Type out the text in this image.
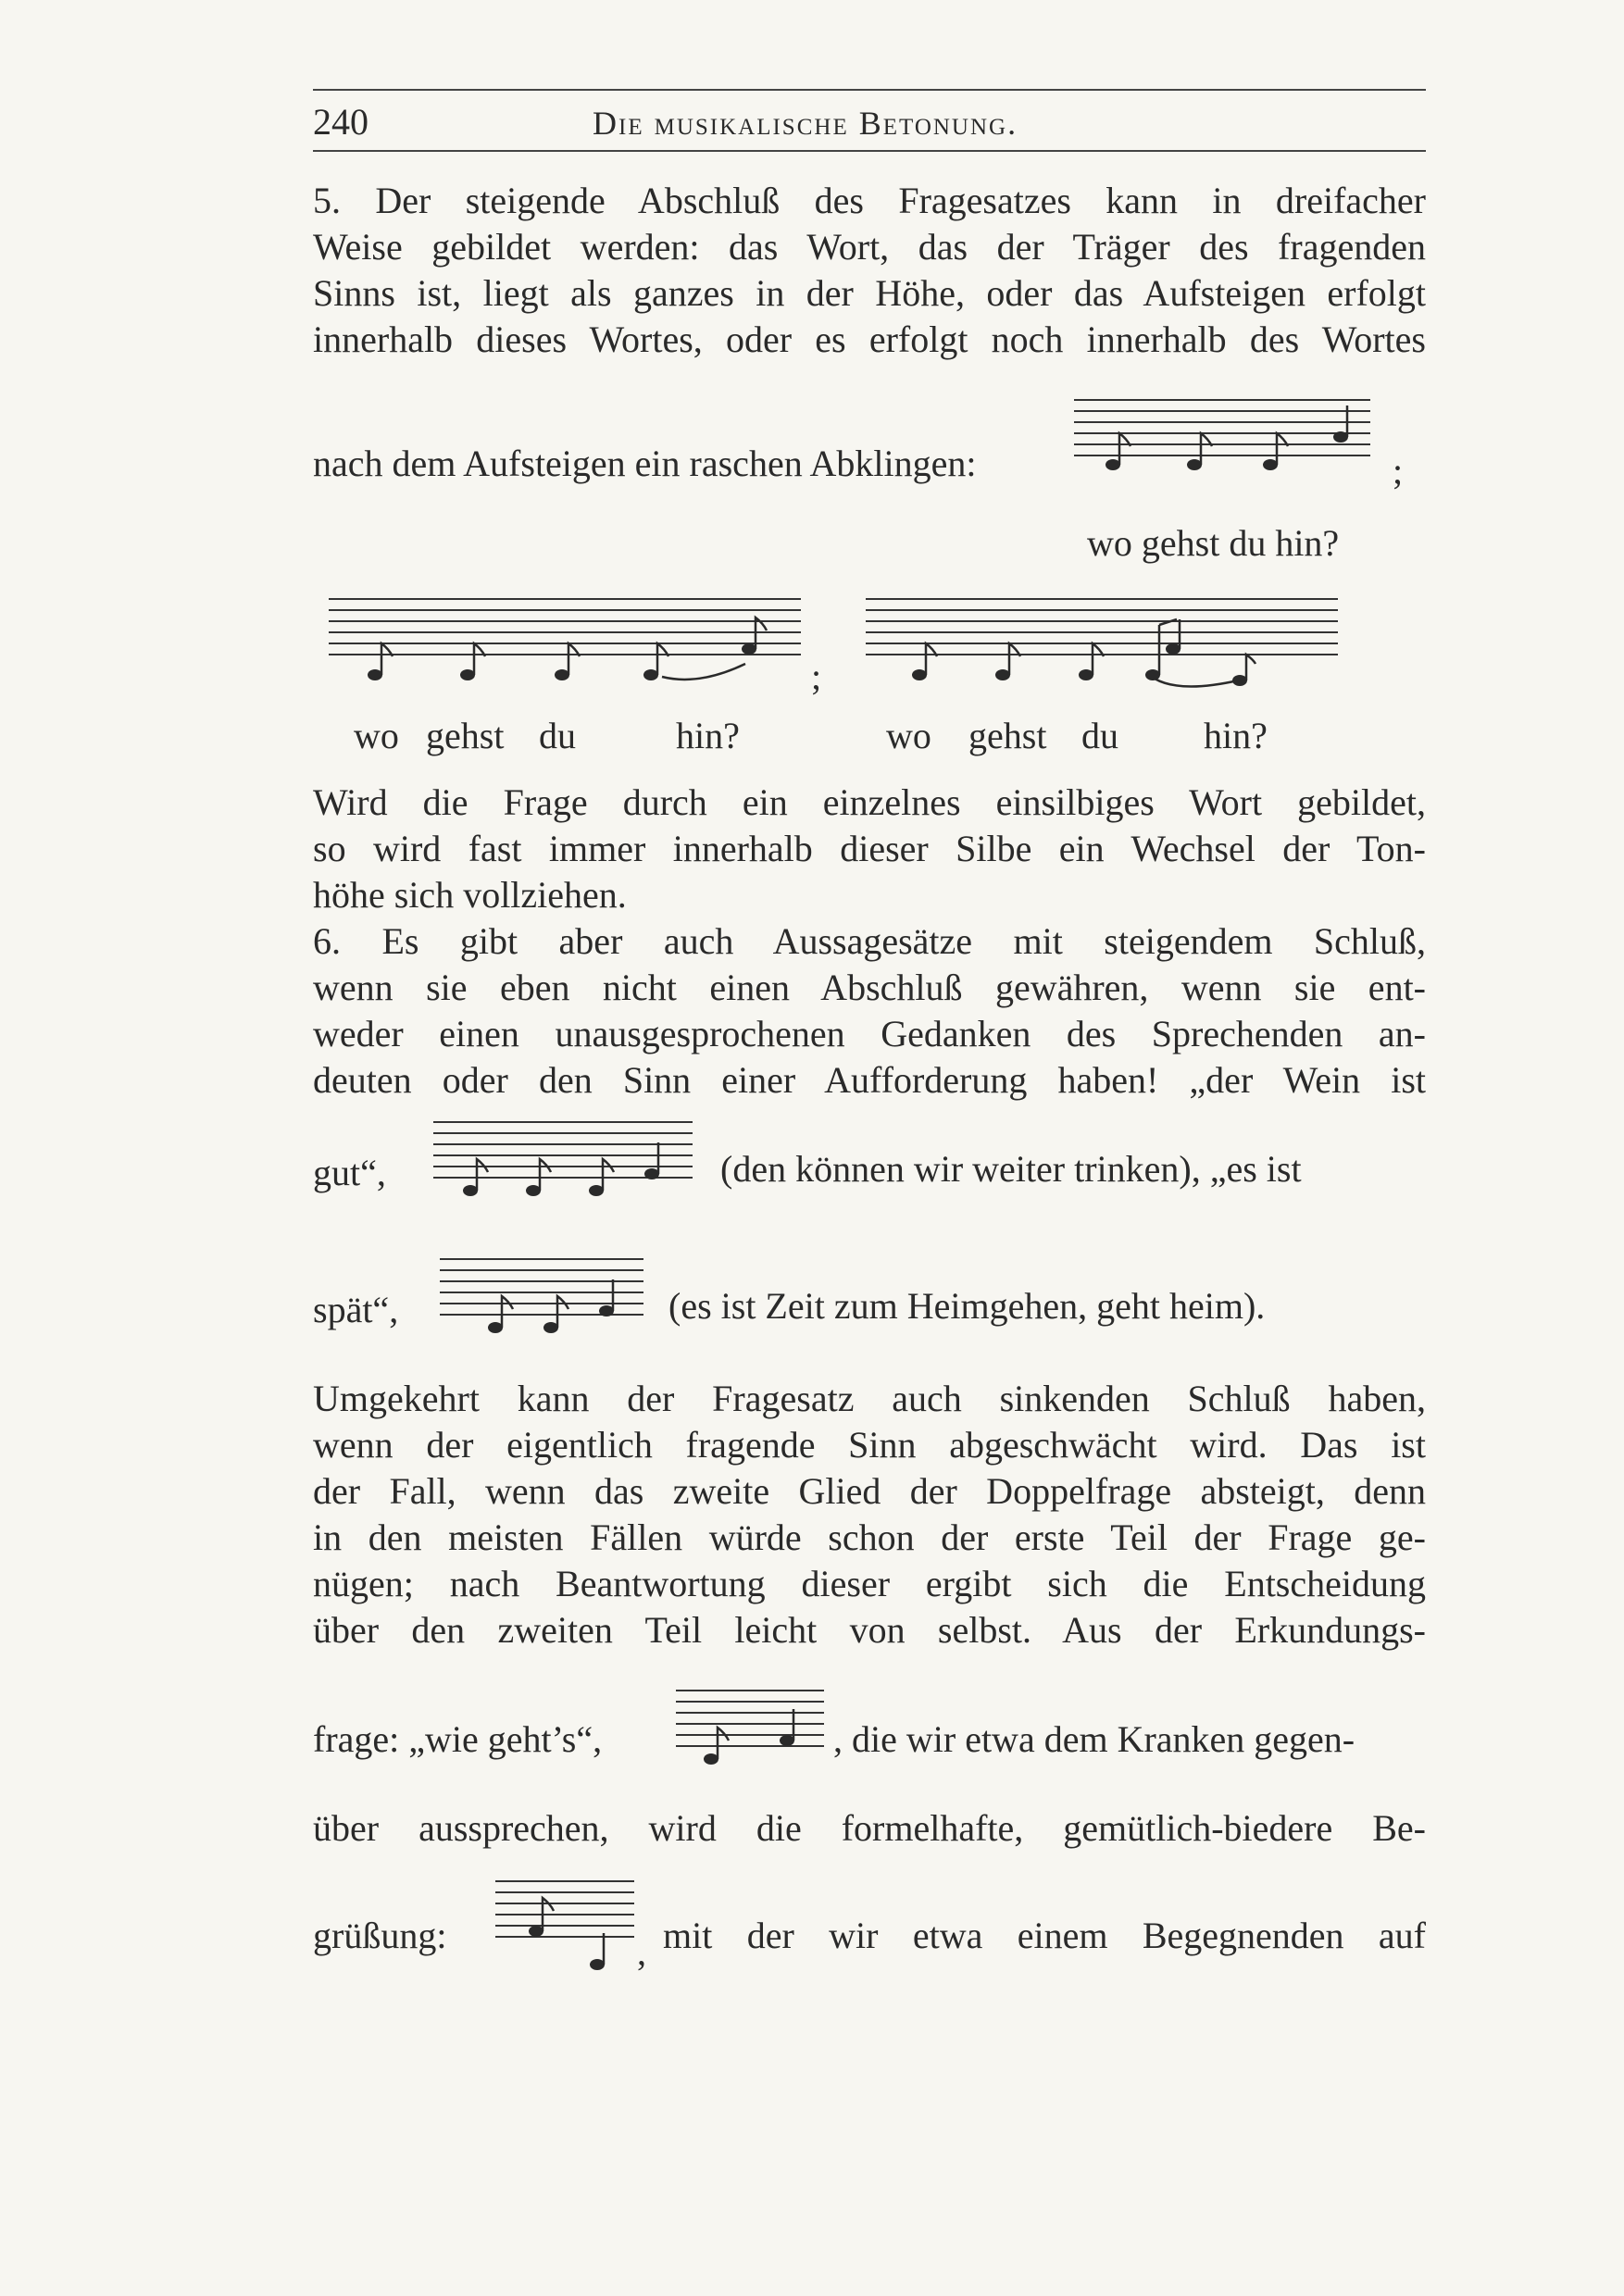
240	Die musikalische Betonung.
5. Der steigende Abschluß des Fragesatzes kann in dreifacher
Weise gebildet werden: das Wort, das der Träger des fragenden
Sinns ist, liegt als ganzes in der Höhe, oder das Aufsteigen erfolgt
innerhalb dieses Wortes, oder es erfolgt noch innerhalb des Wortes
nach dem Aufsteigen ein raschen Abklingen:	;
wo gehst du hin?
;
wo gehst du	hin?	wo gehst du hin?
Wird die Frage durch ein einzelnes einsilbiges Wort gebildet,
so wird fast immer innerhalb dieser Silbe ein Wechsel der Ton-
höhe sich vollziehen.
6. Es gibt aber auch Aussagesätze mit steigendem Schluß,
wenn sie eben nicht einen Abschluß gewähren, wenn sie ent-
weder einen unausgesprochenen Gedanken des Sprechenden an-
deuten oder den Sinn einer Aufforderung haben! „der Wein ist
gut“,	(den können wir weiter trinken), „es ist
spät“,	(es ist Zeit zum Heimgehen, geht heim).
Umgekehrt kann der Fragesatz auch sinkenden Schluß haben,
wenn der eigentlich fragende Sinn abgeschwächt wird. Das ist
der Fall, wenn das zweite Glied der Doppelfrage absteigt, denn
in den meisten Fällen würde schon der erste Teil der Frage ge-
nügen; nach Beantwortung dieser ergibt sich die Entscheidung
über den zweiten Teil leicht von selbst. Aus der Erkundungs-
frage: „wie geht’s“,	, die wir etwa dem Kranken gegen-
über aussprechen, wird die formelhafte, gemütlich-biedere Be-
grüßung:	, mit der wir etwa einem Begegnenden auf
